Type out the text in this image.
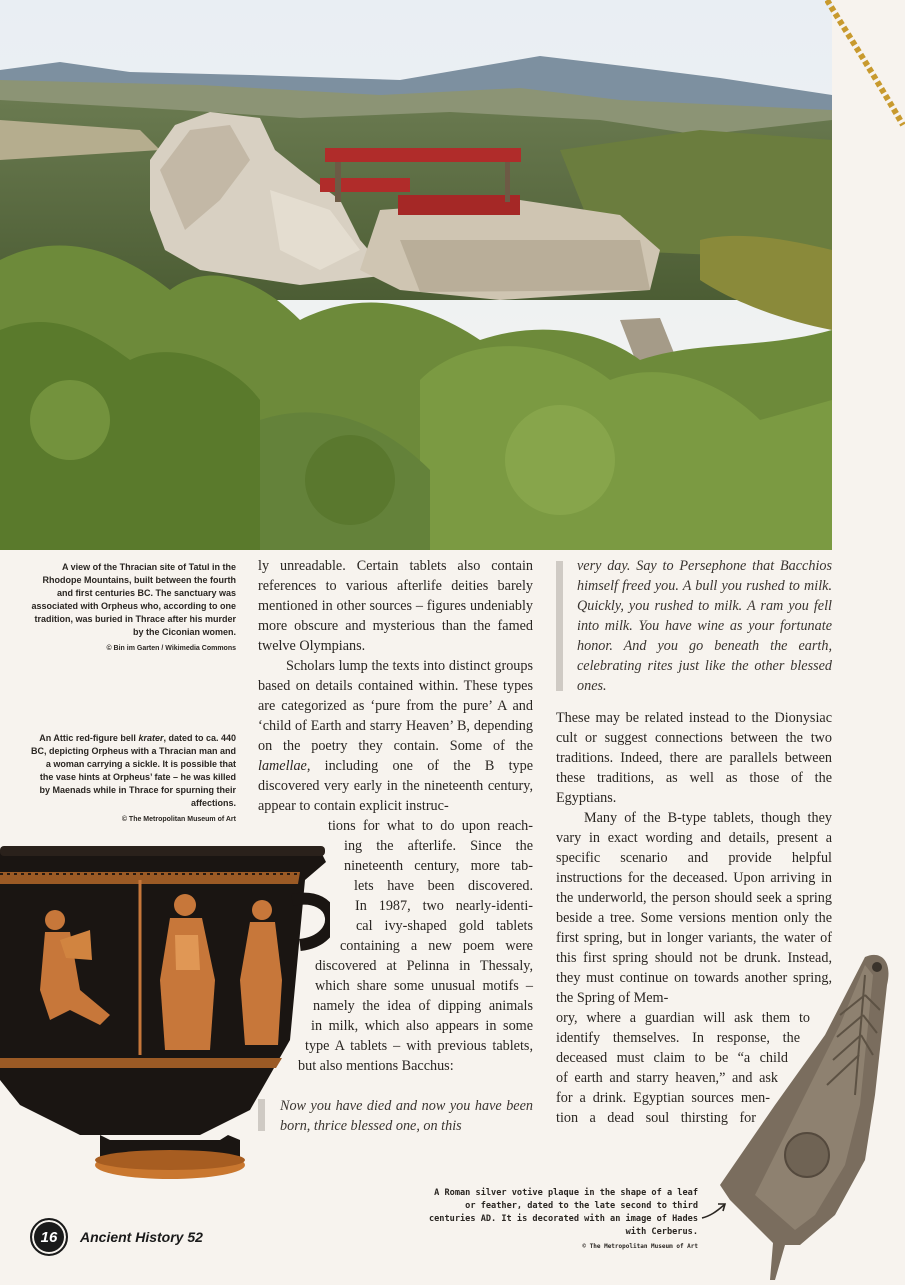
A view of the Thracian site of Tatul in the Rhodope Mountains, built between the fourth and first centuries BC. The sanctuary was associated with Orpheus who, according to one tradition, was buried in Thrace after his murder by the Ciconian women.
© Bin im Garten / Wikimedia Commons
An Attic red-figure bell krater, dated to ca. 440 BC, depicting Orpheus with a Thracian man and a woman carrying a sickle. It is possible that the vase hints at Orpheus’ fate – he was killed by Maenads while in Thrace for spurning their affections.
© The Metropolitan Museum of Art

ly unreadable. Certain tablets also contain references to various afterlife deities barely mentioned in other sources – figures undeniably more obscure and mysterious than the famed twelve Olympians.

Scholars lump the texts into distinct groups based on details contained within. These types are categorized as ‘pure from the pure’ A and ‘child of Earth and starry Heaven’ B, depending on the poetry they contain. Some of the lamellae, including one of the B type discovered very early in the nineteenth century, appear to contain explicit instruc-

tions for what to do upon reach-
ing the afterlife. Since the
nineteenth century, more tab-
lets have been discovered.
In 1987, two nearly-identi-
cal ivy-shaped gold tablets
containing a new poem were
discovered at Pelinna in Thessaly,
which share some unusual motifs –
namely the idea of dipping animals
in milk, which also appears in some
type A tablets – with previous tablets,
but also mentions Bacchus:

Now you have died and now you have been born, thrice blessed one, on this

very day. Say to Persephone that Bacchios himself freed you. A bull you rushed to milk. Quickly, you rushed to milk. A ram you fell into milk. You have wine as your fortunate honor. And you go beneath the earth, celebrating rites just like the other blessed ones.

These may be related instead to the Dionysiac cult or suggest connections between the two traditions. Indeed, there are parallels between these traditions, as well as those of the Egyptians.

Many of the B-type tablets, though they vary in exact wording and details, present a specific scenario and provide helpful instructions for the deceased. Upon arriving in the underworld, the person should seek a spring beside a tree. Some versions mention only the first spring, but in longer variants, the water of this first spring should not be drunk. Instead, they must continue on towards another spring, the Spring of Mem-

ory, where a guardian will ask them to
identify themselves. In response, the
deceased must claim to be “a child
of earth and starry heaven,” and ask
for a drink. Egyptian sources men-
tion a dead soul thirsting for
A Roman silver votive plaque in the shape of a leaf or feather, dated to the late second to third centuries AD. It is decorated with an image of Hades with Cerberus.
© The Metropolitan Museum of Art
16	Ancient History 52
